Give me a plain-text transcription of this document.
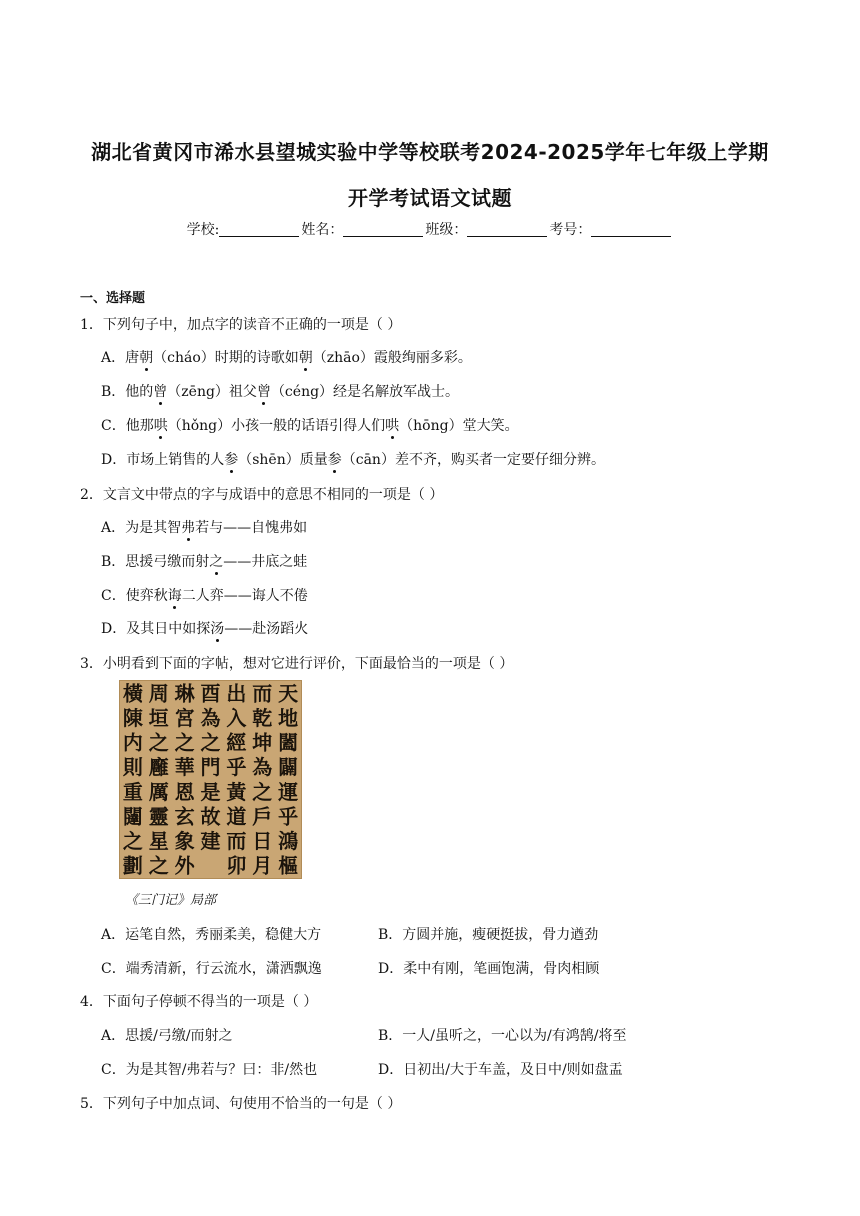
湖北省黄冈市浠水县望城实验中学等校联考2024-2025学年七年级上学期
开学考试语文试题
学校:	姓名：	班级：	考号：
一、选择题
1．下列句子中，加点字的读音不正确的一项是（ ）
A．唐朝（cháo）时期的诗歌如朝（zhāo）霞般绚丽多彩。
B．他的曾（zēng）祖父曾（céng）经是名解放军战士。
C．他那哄（hǒng）小孩一般的话语引得人们哄（hōng）堂大笑。
D．市场上销售的人参（shēn）质量参（cān）差不齐，购买者一定要仔细分辨。
2．文言文中带点的字与成语中的意思不相同的一项是（ ）
A．为是其智弗若与——自愧弗如
B．思援弓缴而射之——井底之蛙
C．使弈秋诲二人弈——诲人不倦
D．及其日中如探汤——赴汤蹈火
3．小明看到下面的字帖，想对它进行评价，下面最恰当的一项是（ ）
天
地
闔
闢
運
乎
鴻
樞
而
乾
坤
為
之
戶
日
月
出
入
經
乎
黃
道
而
卯
酉
為
之
門
是
故
建
琳
宮
之
華
恩
玄
象
外
周
垣
之
廱
厲
靈
星
之
橫
陳
内
則
重
闥
之
劃
《三门记》局部
A．运笔自然，秀丽柔美，稳健大方	B．方圆并施，瘦硬挺拔，骨力遒劲
C．端秀清新，行云流水，潇洒飘逸	D．柔中有刚，笔画饱满，骨肉相顾
4．下面句子停顿不得当的一项是（ ）
A．思援/弓缴/而射之	B．一人/虽听之，一心以为/有鸿鹄/将至
C．为是其智/弗若与？曰：非/然也	D．日初出/大于车盖，及日中/则如盘盂
5．下列句子中加点词、句使用不恰当的一句是（ ）
